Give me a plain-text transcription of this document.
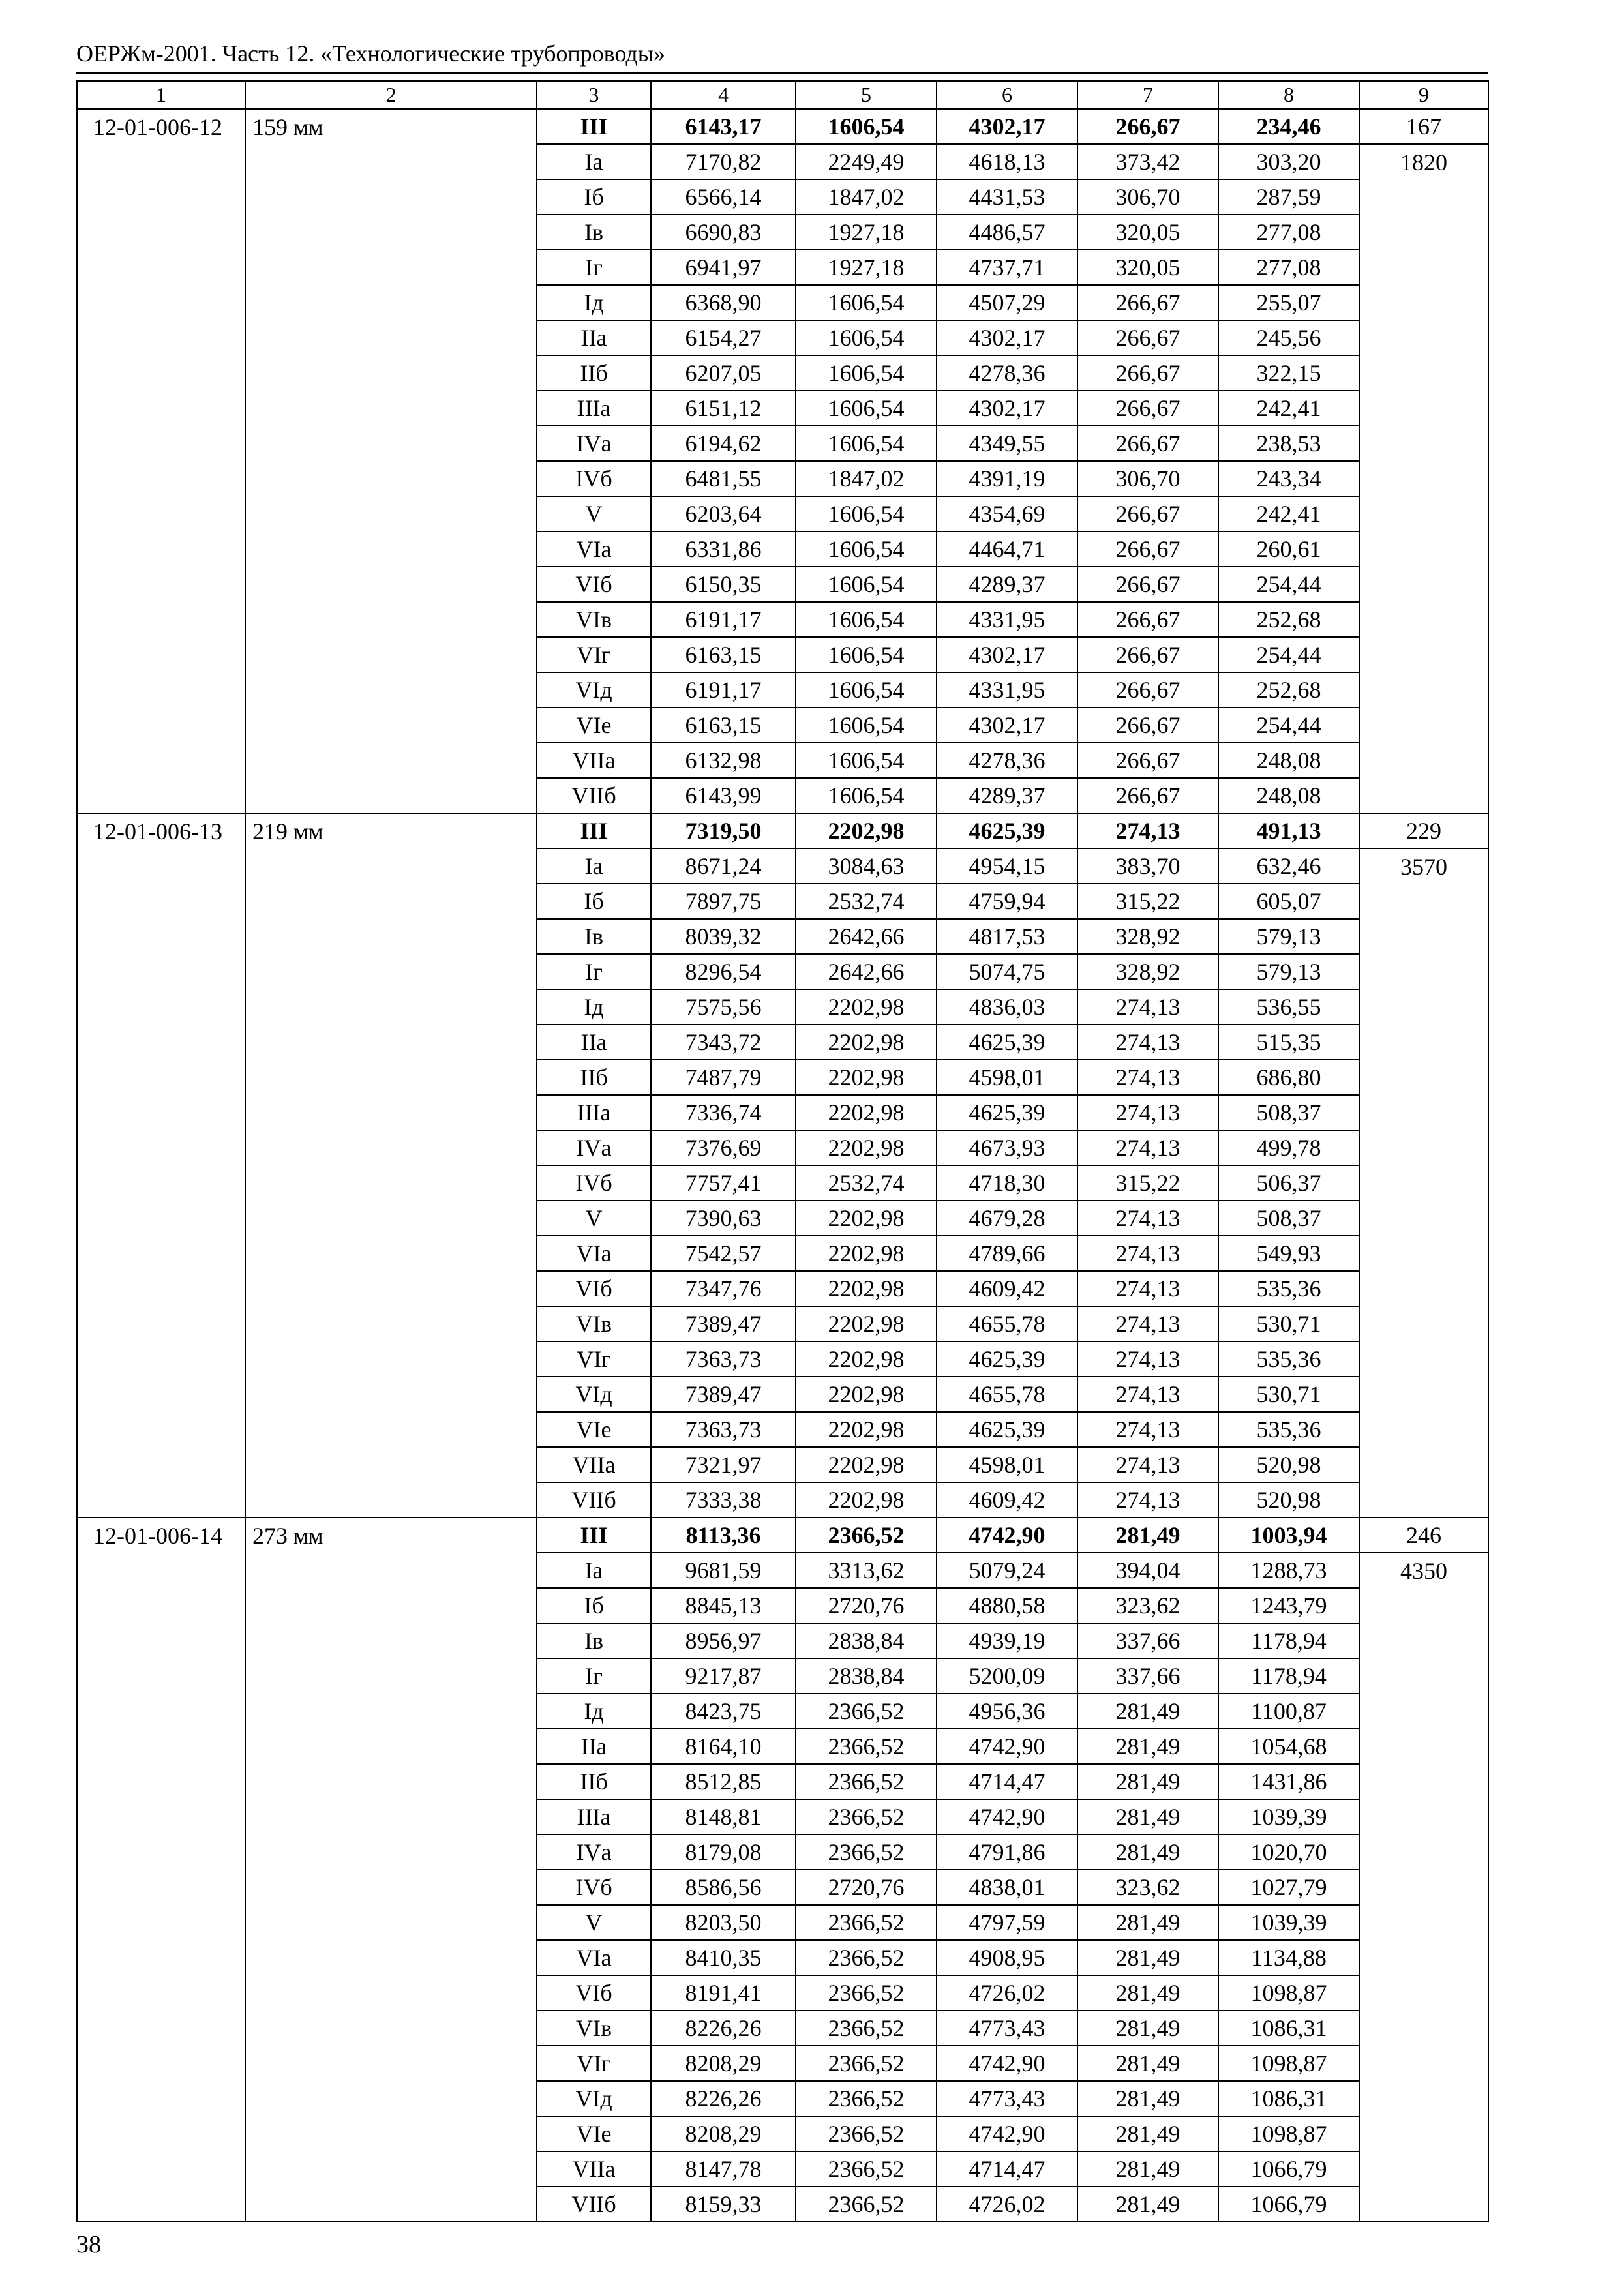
ОЕРЖм-2001. Часть 12. «Технологические трубопроводы»
1	2	3	4	5	6	7	8	9
12-01-006-12	159 мм	III	6143,17	1606,54	4302,17	266,67	234,46	167
		Iа	7170,82	2249,49	4618,13	373,42	303,20	1820
		Iб	6566,14	1847,02	4431,53	306,70	287,59	
		Iв	6690,83	1927,18	4486,57	320,05	277,08	
		Iг	6941,97	1927,18	4737,71	320,05	277,08	
		Iд	6368,90	1606,54	4507,29	266,67	255,07	
		IIа	6154,27	1606,54	4302,17	266,67	245,56	
		IIб	6207,05	1606,54	4278,36	266,67	322,15	
		IIIа	6151,12	1606,54	4302,17	266,67	242,41	
		IVа	6194,62	1606,54	4349,55	266,67	238,53	
		IVб	6481,55	1847,02	4391,19	306,70	243,34	
		V	6203,64	1606,54	4354,69	266,67	242,41	
		VIа	6331,86	1606,54	4464,71	266,67	260,61	
		VIб	6150,35	1606,54	4289,37	266,67	254,44	
		VIв	6191,17	1606,54	4331,95	266,67	252,68	
		VIг	6163,15	1606,54	4302,17	266,67	254,44	
		VIд	6191,17	1606,54	4331,95	266,67	252,68	
		VIе	6163,15	1606,54	4302,17	266,67	254,44	
		VIIа	6132,98	1606,54	4278,36	266,67	248,08	
		VIIб	6143,99	1606,54	4289,37	266,67	248,08	
12-01-006-13	219 мм	III	7319,50	2202,98	4625,39	274,13	491,13	229
		Iа	8671,24	3084,63	4954,15	383,70	632,46	3570
		Iб	7897,75	2532,74	4759,94	315,22	605,07	
		Iв	8039,32	2642,66	4817,53	328,92	579,13	
		Iг	8296,54	2642,66	5074,75	328,92	579,13	
		Iд	7575,56	2202,98	4836,03	274,13	536,55	
		IIа	7343,72	2202,98	4625,39	274,13	515,35	
		IIб	7487,79	2202,98	4598,01	274,13	686,80	
		IIIа	7336,74	2202,98	4625,39	274,13	508,37	
		IVа	7376,69	2202,98	4673,93	274,13	499,78	
		IVб	7757,41	2532,74	4718,30	315,22	506,37	
		V	7390,63	2202,98	4679,28	274,13	508,37	
		VIа	7542,57	2202,98	4789,66	274,13	549,93	
		VIб	7347,76	2202,98	4609,42	274,13	535,36	
		VIв	7389,47	2202,98	4655,78	274,13	530,71	
		VIг	7363,73	2202,98	4625,39	274,13	535,36	
		VIд	7389,47	2202,98	4655,78	274,13	530,71	
		VIе	7363,73	2202,98	4625,39	274,13	535,36	
		VIIа	7321,97	2202,98	4598,01	274,13	520,98	
		VIIб	7333,38	2202,98	4609,42	274,13	520,98	
12-01-006-14	273 мм	III	8113,36	2366,52	4742,90	281,49	1003,94	246
		Iа	9681,59	3313,62	5079,24	394,04	1288,73	4350
		Iб	8845,13	2720,76	4880,58	323,62	1243,79	
		Iв	8956,97	2838,84	4939,19	337,66	1178,94	
		Iг	9217,87	2838,84	5200,09	337,66	1178,94	
		Iд	8423,75	2366,52	4956,36	281,49	1100,87	
		IIа	8164,10	2366,52	4742,90	281,49	1054,68	
		IIб	8512,85	2366,52	4714,47	281,49	1431,86	
		IIIа	8148,81	2366,52	4742,90	281,49	1039,39	
		IVа	8179,08	2366,52	4791,86	281,49	1020,70	
		IVб	8586,56	2720,76	4838,01	323,62	1027,79	
		V	8203,50	2366,52	4797,59	281,49	1039,39	
		VIа	8410,35	2366,52	4908,95	281,49	1134,88	
		VIб	8191,41	2366,52	4726,02	281,49	1098,87	
		VIв	8226,26	2366,52	4773,43	281,49	1086,31	
		VIг	8208,29	2366,52	4742,90	281,49	1098,87	
		VIд	8226,26	2366,52	4773,43	281,49	1086,31	
		VIе	8208,29	2366,52	4742,90	281,49	1098,87	
		VIIа	8147,78	2366,52	4714,47	281,49	1066,79	
		VIIб	8159,33	2366,52	4726,02	281,49	1066,79	
38
